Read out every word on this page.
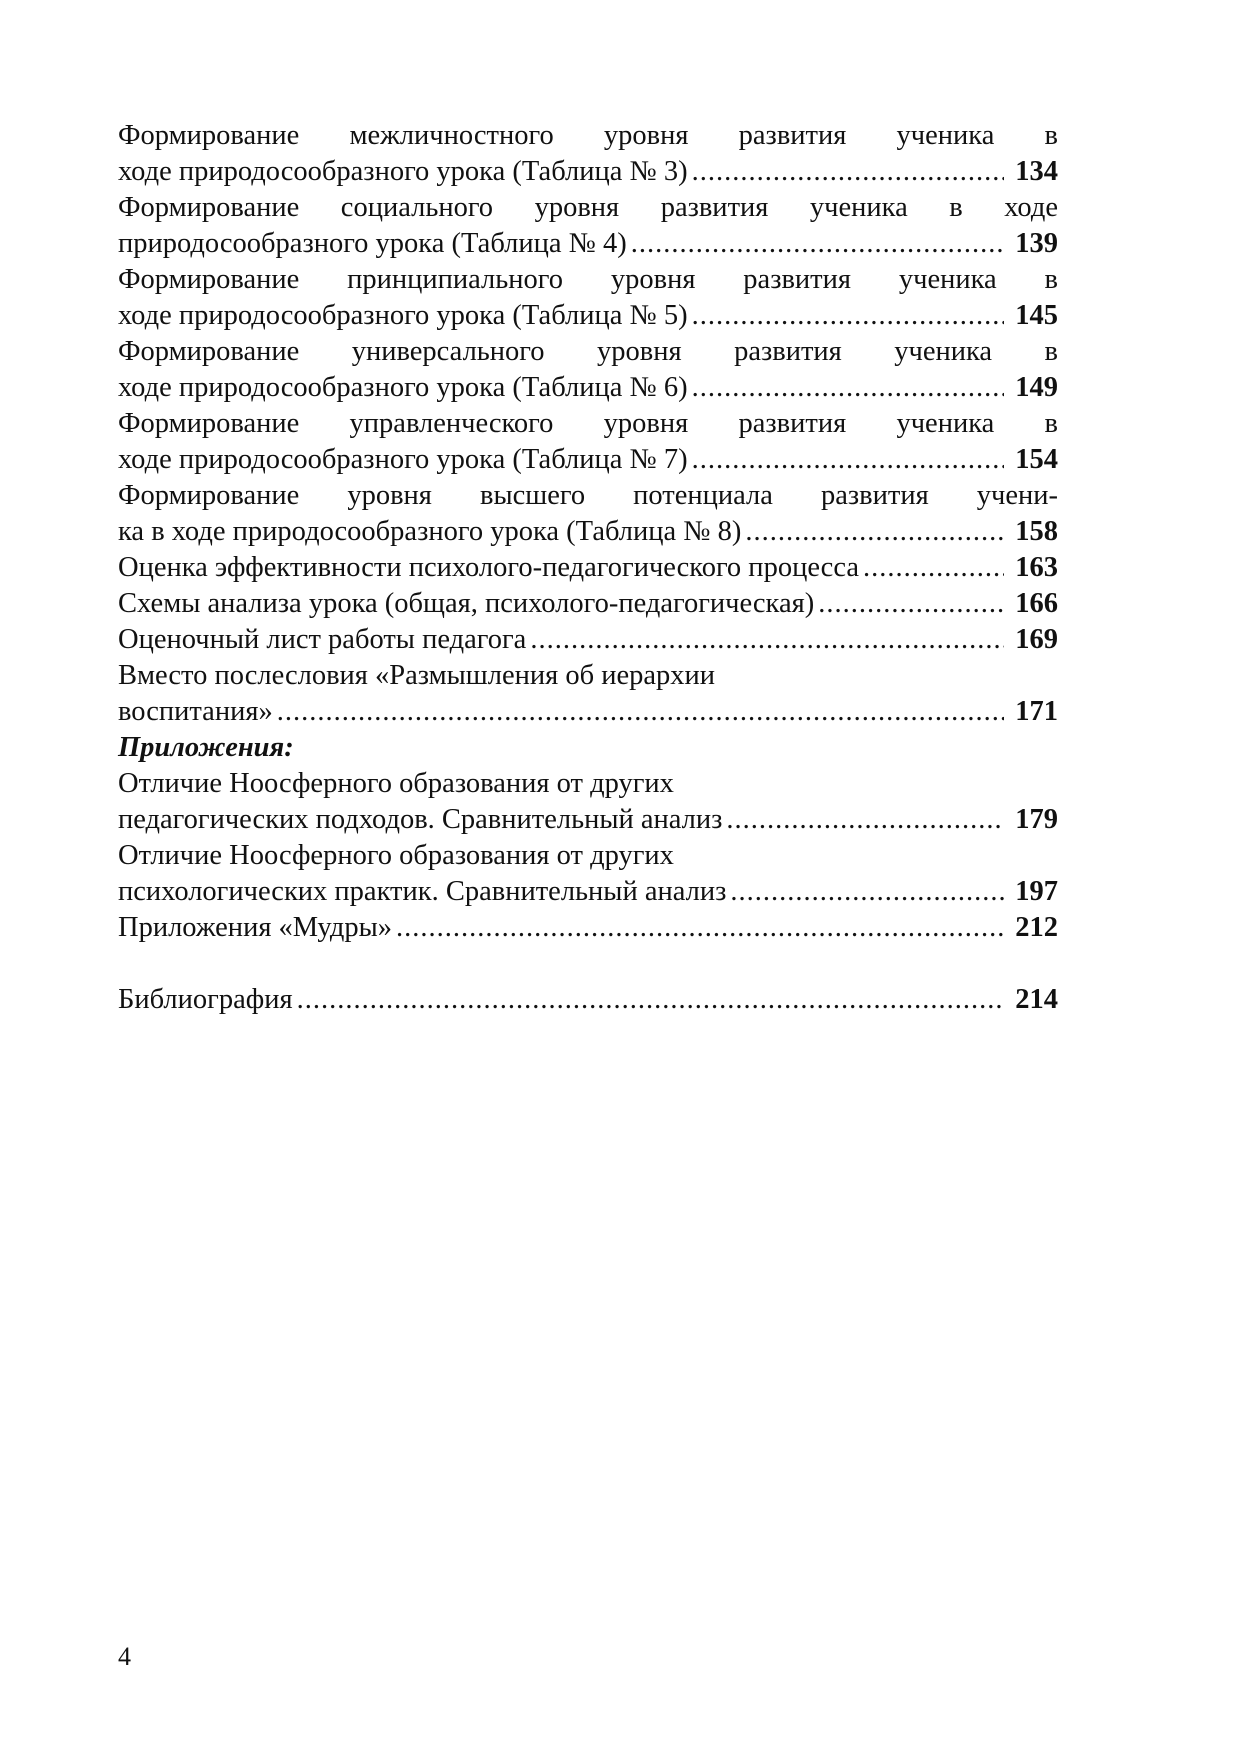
Формирование межличностного уровня развития ученика в
ходе природосообразного урока (Таблица № 3) .....	134
Формирование социального уровня развития ученика в ходе
природосообразного урока (Таблица № 4) .....	139
Формирование принципиального уровня развития ученика в
ходе природосообразного урока (Таблица № 5) .....	145
Формирование универсального уровня развития ученика в
ходе природосообразного урока (Таблица № 6) .....	149
Формирование управленческого уровня развития ученика в
ходе природосообразного урока (Таблица № 7) .....	154
Формирование уровня высшего потенциала развития учени-
ка в ходе природосообразного урока (Таблица № 8) .....	158
Оценка эффективности психолого-педагогического процесса .....	163
Схемы анализа урока (общая, психолого-педагогическая) .....	166
Оценочный лист работы педагога .....	169
Вместо послесловия «Размышления об иерархии
воспитания» .....	171
Приложения:
Отличие Ноосферного образования от других
педагогических подходов. Сравнительный анализ .....	179
Отличие Ноосферного образования от других
психологических практик. Сравнительный анализ .....	197
Приложения «Мудры» .....	212
Библиография .....	214
4
